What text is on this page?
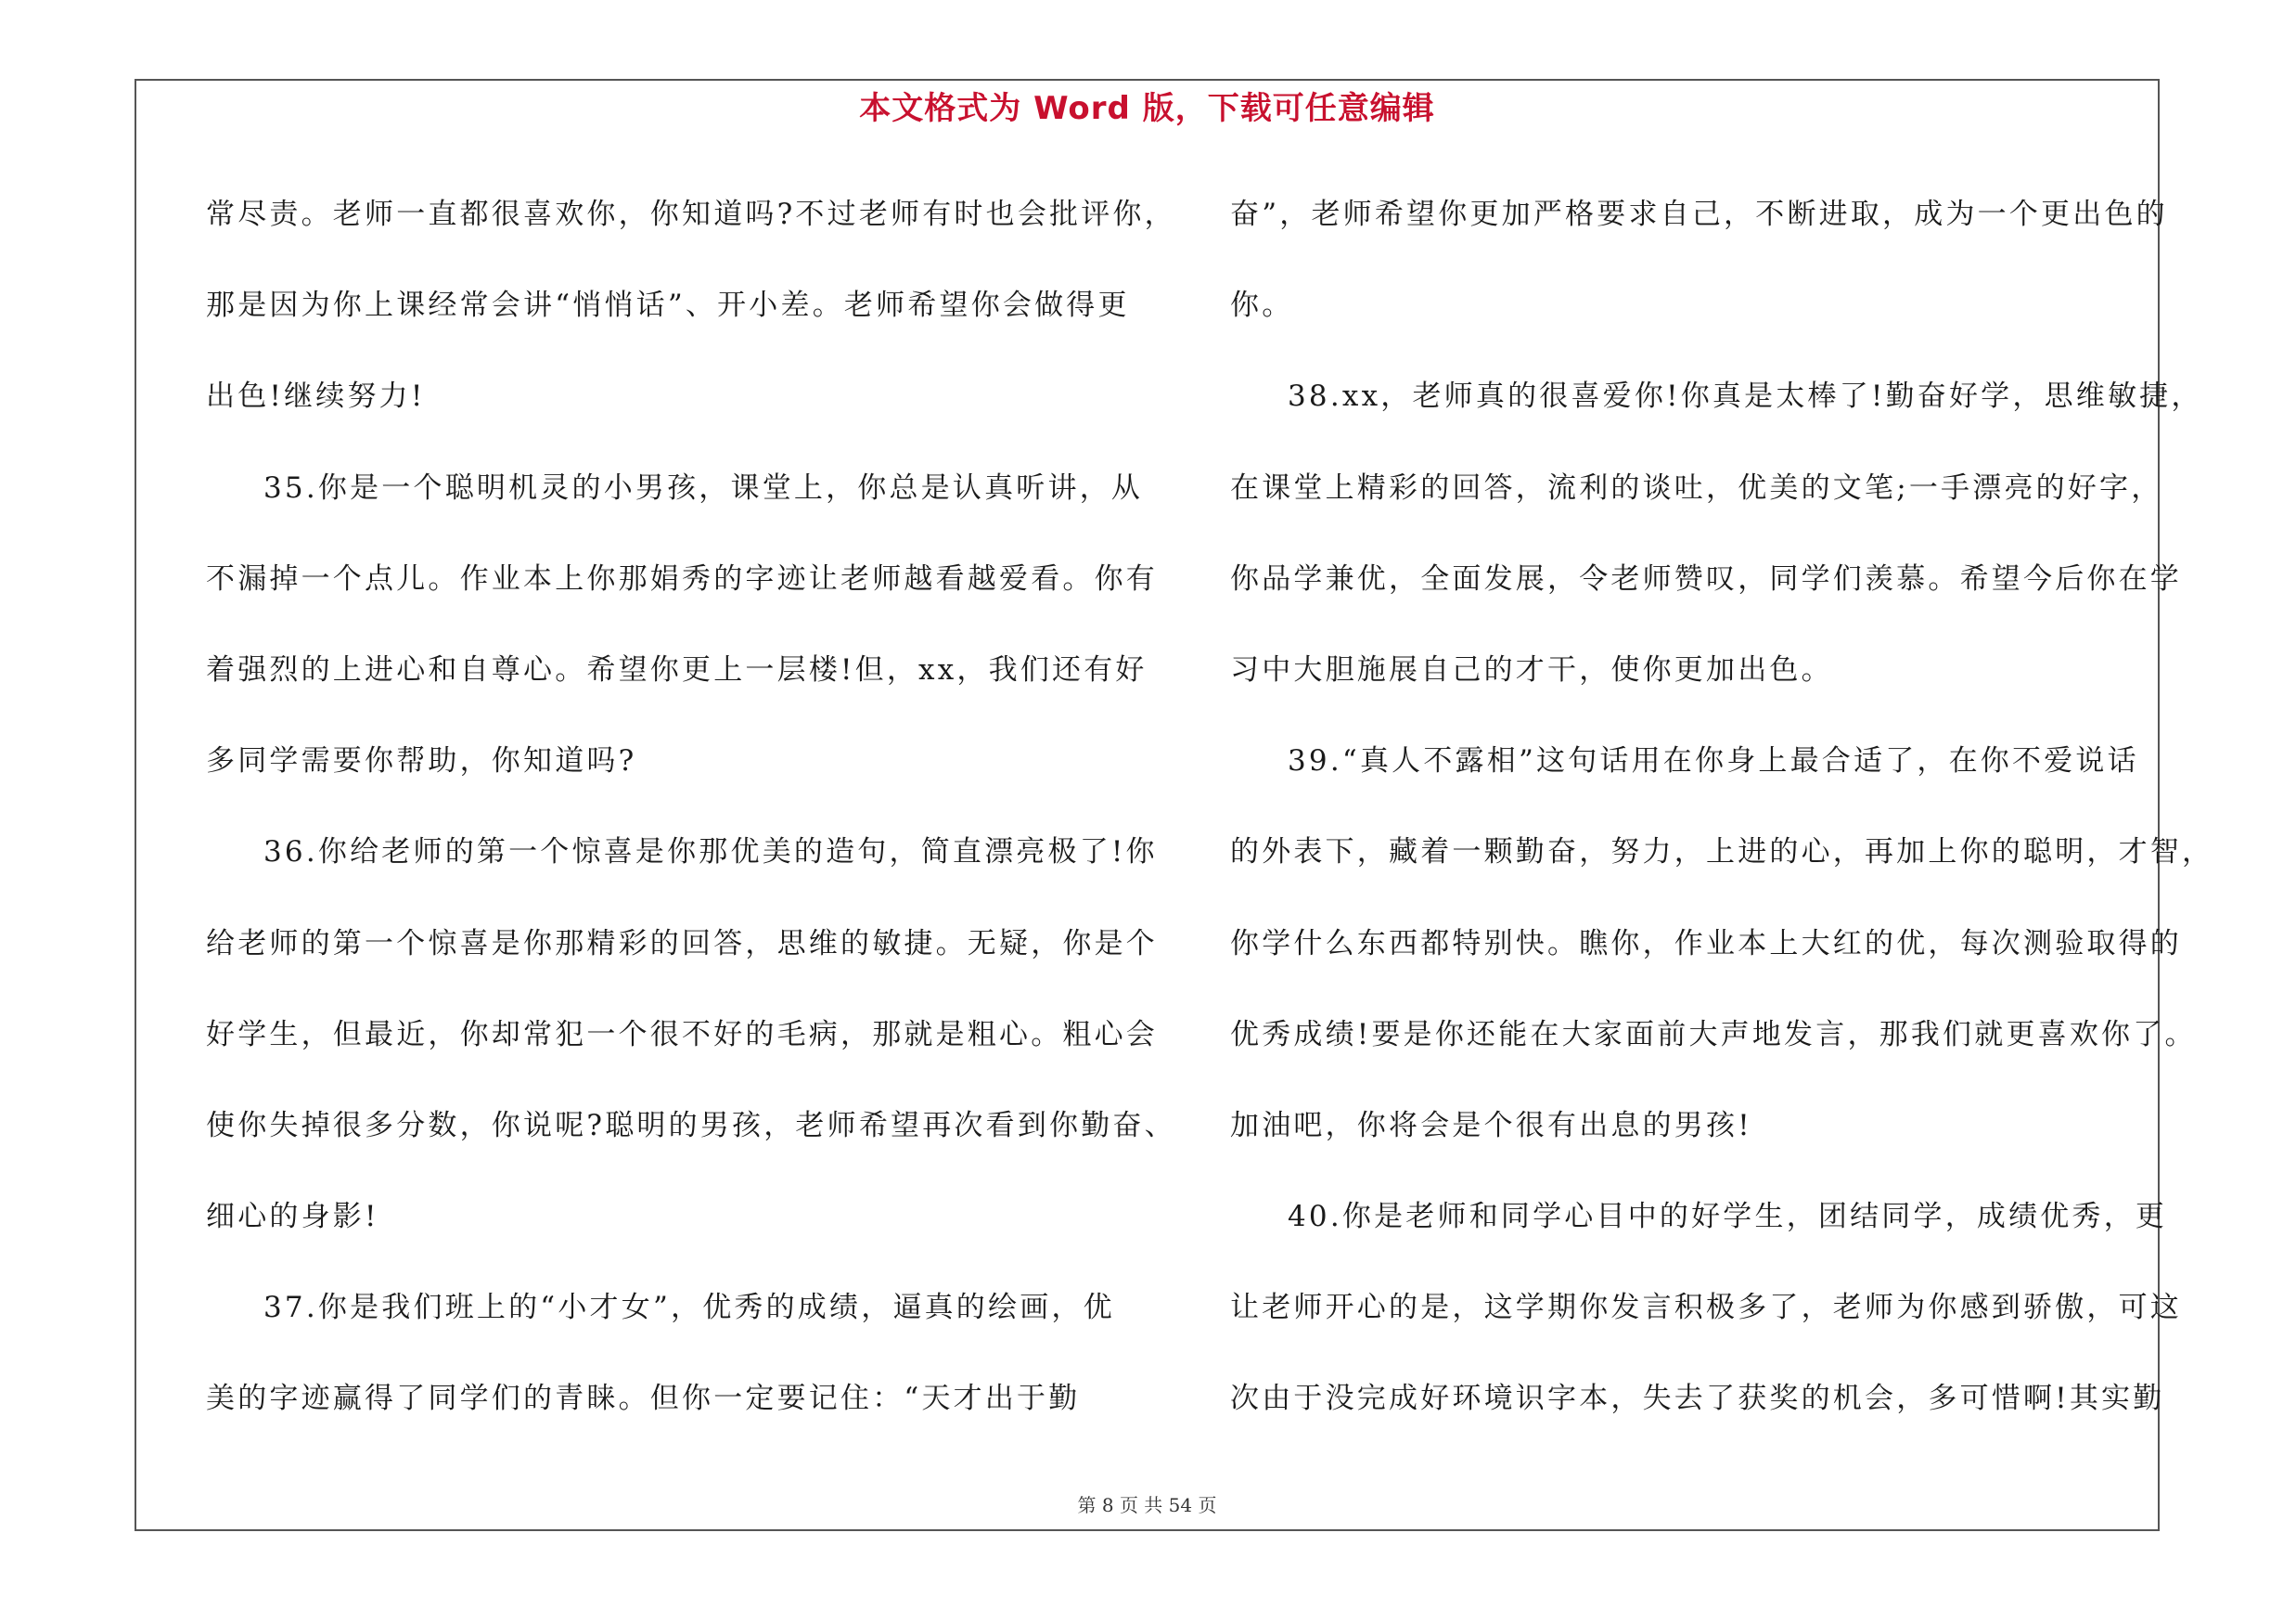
本文格式为 Word 版，下载可任意编辑
常尽责。老师一直都很喜欢你，你知道吗?不过老师有时也会批评你，
那是因为你上课经常会讲“悄悄话”、开小差。老师希望你会做得更
出色!继续努力!
35.你是一个聪明机灵的小男孩，课堂上，你总是认真听讲，从
不漏掉一个点儿。作业本上你那娟秀的字迹让老师越看越爱看。你有
着强烈的上进心和自尊心。希望你更上一层楼!但，xx，我们还有好
多同学需要你帮助，你知道吗?
36.你给老师的第一个惊喜是你那优美的造句，简直漂亮极了!你
给老师的第一个惊喜是你那精彩的回答，思维的敏捷。无疑，你是个
好学生，但最近，你却常犯一个很不好的毛病，那就是粗心。粗心会
使你失掉很多分数，你说呢?聪明的男孩，老师希望再次看到你勤奋、
细心的身影!
37.你是我们班上的“小才女”，优秀的成绩，逼真的绘画，优
美的字迹赢得了同学们的青睐。但你一定要记住：“天才出于勤
奋”，老师希望你更加严格要求自己，不断进取，成为一个更出色的
你。
38.xx，老师真的很喜爱你!你真是太棒了!勤奋好学，思维敏捷，
在课堂上精彩的回答，流利的谈吐，优美的文笔;一手漂亮的好字，
你品学兼优，全面发展，令老师赞叹，同学们羡慕。希望今后你在学
习中大胆施展自己的才干，使你更加出色。
39.“真人不露相”这句话用在你身上最合适了，在你不爱说话
的外表下，藏着一颗勤奋，努力，上进的心，再加上你的聪明，才智，
你学什么东西都特别快。瞧你，作业本上大红的优，每次测验取得的
优秀成绩!要是你还能在大家面前大声地发言，那我们就更喜欢你了。
加油吧，你将会是个很有出息的男孩!
40.你是老师和同学心目中的好学生，团结同学，成绩优秀，更
让老师开心的是，这学期你发言积极多了，老师为你感到骄傲，可这
次由于没完成好环境识字本，失去了获奖的机会，多可惜啊!其实勤
第 8 页 共 54 页
